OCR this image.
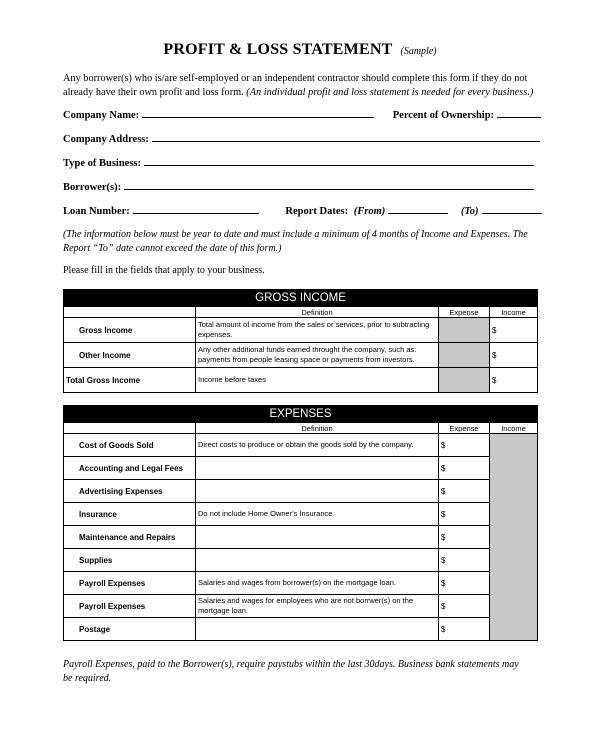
PROFIT & LOSS STATEMENT (Sample)
Any borrower(s) who is/are self-employed or an independent contractor should complete this form if they do not
already have their own profit and loss form. (An individual profit and loss statement is needed for every business.)
Company Name:	Percent of Ownership:
Company Address:
Type of Business:
Borrower(s):
Loan Number:	Report Dates: (From)	(To)
(The information below must be year to date and must include a minimum of 4 months of Income and Expenses. The
Report “To” date cannot exceed the date of this form.)
Please fill in the fields that apply to your business.
GROSS INCOME			
	Definition	Expense	Income
Gross Income	Total amount of income from the sales or services, prior to subtracting expenses.		$
Other Income	Any other additional funds earned throught the company, such as: payments from people leasing space or payments from investors.		$
Total Gross Income	Income before taxes		$
EXPENSES			
	Definition	Expense	Income
Cost of Goods Sold	Direct costs to produce or obtain the goods sold by the company.	$	
Accounting and Legal Fees		$	
Advertising Expenses		$	
Insurance	Do not include Home Owner's Insurance.	$	
Maintenance and Repairs		$	
Supplies		$	
Payroll Expenses	Salaries and wages from borrower(s) on the mortgage loan.	$	
Payroll Expenses	Salaries and wages for employees who are not borrwer(s) on the mortgage loan.	$	
Postage		$	
Payroll Expenses, paid to the Borrower(s), require paystubs within the last 30days. Business bank statements may
be required.
